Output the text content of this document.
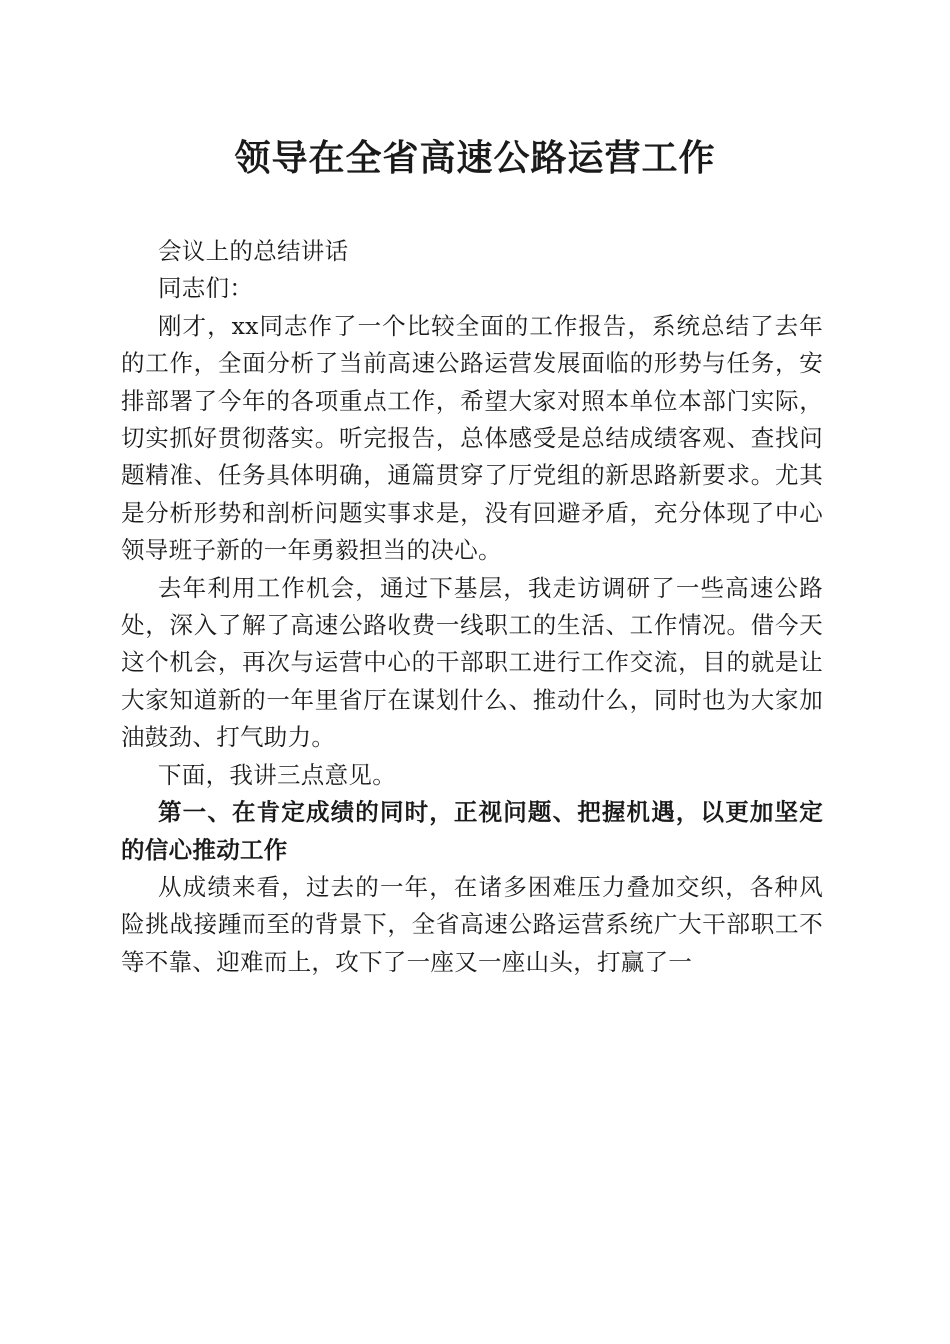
领导在全省高速公路运营工作

会议上的总结讲话

同志们：

刚才，xx同志作了一个比较全面的工作报告，系统总结了去年的工作，全面分析了当前高速公路运营发展面临的形势与任务，安排部署了今年的各项重点工作，希望大家对照本单位本部门实际，切实抓好贯彻落实。听完报告，总体感受是总结成绩客观、查找问题精准、任务具体明确，通篇贯穿了厅党组的新思路新要求。尤其是分析形势和剖析问题实事求是，没有回避矛盾，充分体现了中心领导班子新的一年勇毅担当的决心。

去年利用工作机会，通过下基层，我走访调研了一些高速公路处，深入了解了高速公路收费一线职工的生活、工作情况。借今天这个机会，再次与运营中心的干部职工进行工作交流，目的就是让大家知道新的一年里省厅在谋划什么、推动什么，同时也为大家加油鼓劲、打气助力。

下面，我讲三点意见。

第一、在肯定成绩的同时，正视问题、把握机遇，以更加坚定的信心推动工作

从成绩来看，过去的一年，在诸多困难压力叠加交织，各种风险挑战接踵而至的背景下，全省高速公路运营系统广大干部职工不等不靠、迎难而上，攻下了一座又一座山头，打赢了一
